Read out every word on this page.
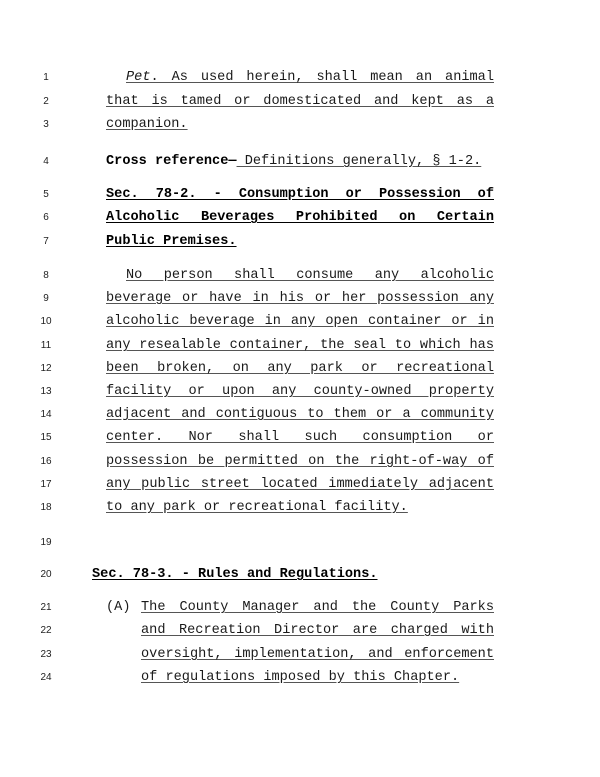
1
2
3
4
5
6
7
8
9
10
11
12
13
14
15
16
17
18
19
20
21
22
23
24
Pet. As used herein, shall mean an animal
that is tamed or domesticated and kept as a
companion.
Cross reference— Definitions generally, § 1-2.
Sec. 78-2. - Consumption or Possession of
Alcoholic Beverages Prohibited on Certain
Public Premises.
No person shall consume any alcoholic
beverage or have in his or her possession any
alcoholic beverage in any open container or in
any resealable container, the seal to which has
been broken, on any park or recreational
facility or upon any county-owned property
adjacent and contiguous to them or a community
center. Nor shall such consumption or
possession be permitted on the right-of-way of
any public street located immediately adjacent
to any park or recreational facility.
Sec. 78-3. - Rules and Regulations.
(A) The County Manager and the County Parks
and Recreation Director are charged with
oversight, implementation, and enforcement
of regulations imposed by this Chapter.
